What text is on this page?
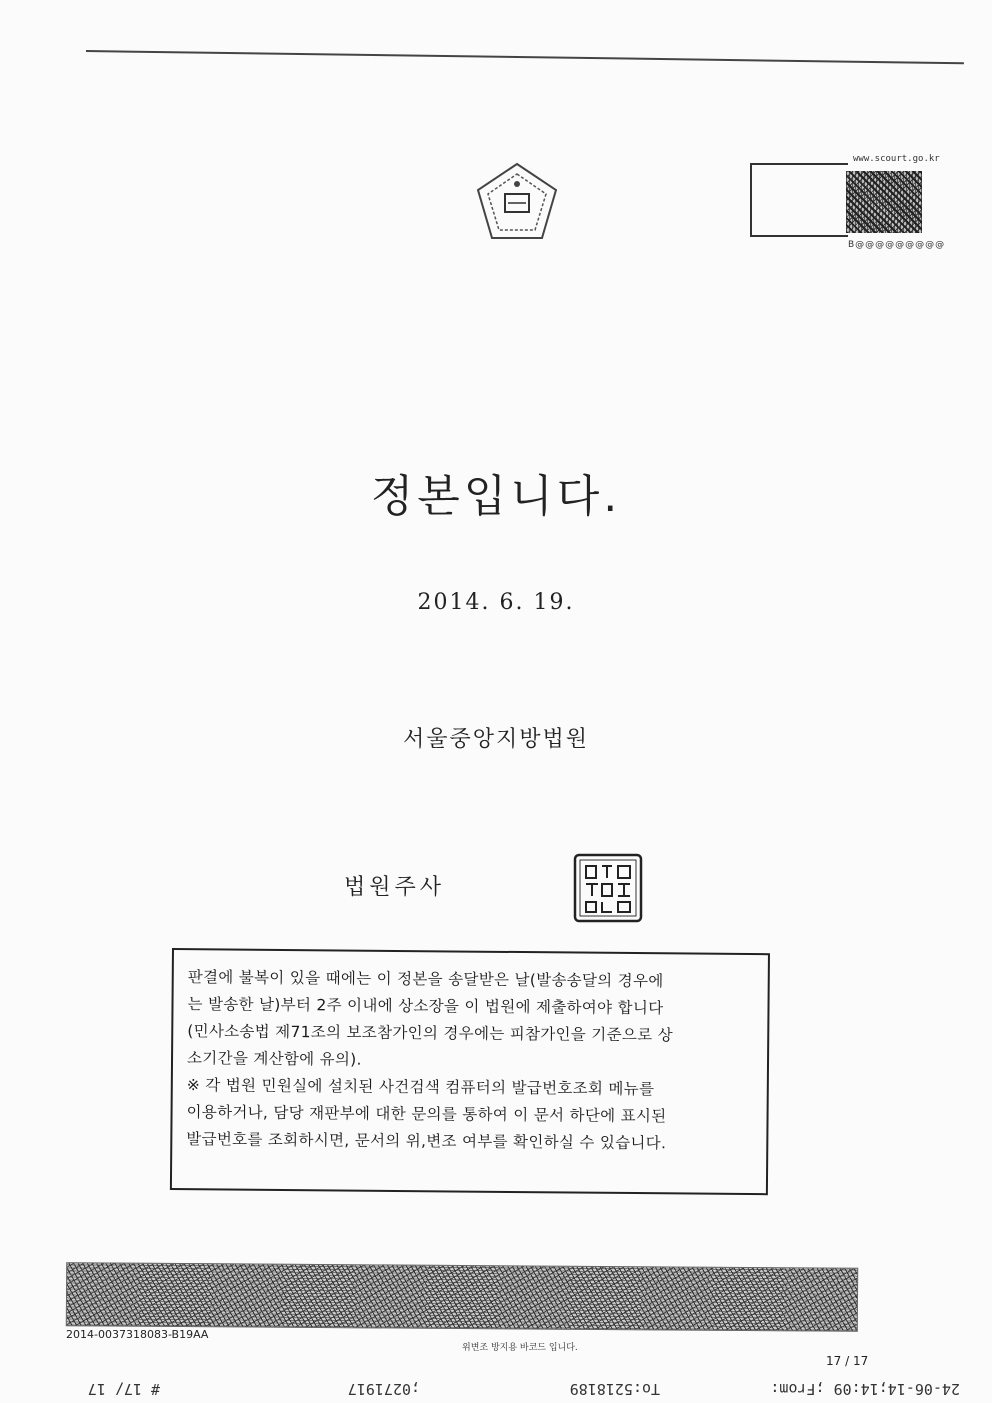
www.scourt.go.kr
B@@@@@@@@@
정본입니다.
2014. 6. 19.
서울중앙지방법원
법원주사

판결에 불복이 있을 때에는 이 정본을 송달받은 날(발송송달의 경우에

는 발송한 날)부터 2주 이내에 상소장을 이 법원에 제출하여야 합니다

(민사소송법 제71조의 보조참가인의 경우에는 피참가인을 기준으로 상

소기간을 계산함에 유의).

※ 각 법원 민원실에 설치된 사건검색 컴퓨터의 발급번호조회 메뉴를

이용하거나, 담당 재판부에 대한 문의를 통하여 이 문서 하단에 표시된

발급번호를 조회하시면, 문서의 위,변조 여부를 확인하실 수 있습니다.

2014-0037318083-B19AA
위변조 방지용 바코드 입니다.
17 / 17
24-06-14;14:09 ;From:
To:5218189
;0271917
# 17/ 17
